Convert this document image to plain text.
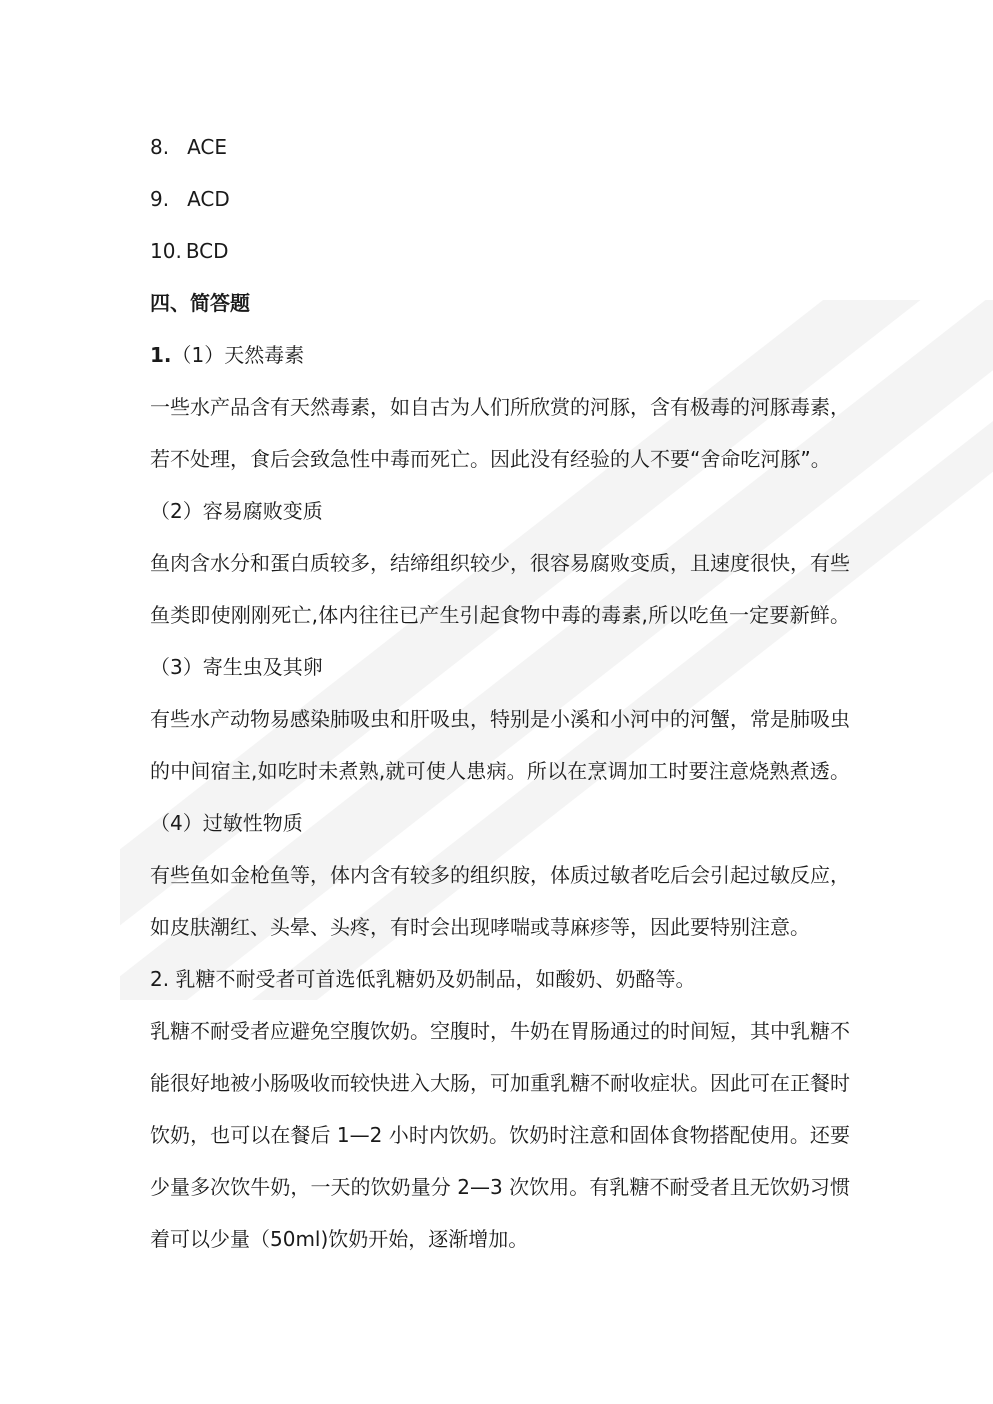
8. ACE
9. ACD
10. BCD
四、简答题
1.（1）天然毒素
一些水产品含有天然毒素，如自古为人们所欣赏的河豚，含有极毒的河豚毒素，
若不处理，食后会致急性中毒而死亡。因此没有经验的人不要“舍命吃河豚”。
（2）容易腐败变质
鱼肉含水分和蛋白质较多，结缔组织较少，很容易腐败变质，且速度很快，有些
鱼类即使刚刚死亡,体内往往已产生引起食物中毒的毒素,所以吃鱼一定要新鲜。
（3）寄生虫及其卵
有些水产动物易感染肺吸虫和肝吸虫，特别是小溪和小河中的河蟹，常是肺吸虫
的中间宿主,如吃时未煮熟,就可使人患病。所以在烹调加工时要注意烧熟煮透。
（4）过敏性物质
有些鱼如金枪鱼等，体内含有较多的组织胺，体质过敏者吃后会引起过敏反应，
如皮肤潮红、头晕、头疼，有时会出现哮喘或荨麻疹等，因此要特别注意。
2. 乳糖不耐受者可首选低乳糖奶及奶制品，如酸奶、奶酪等。
乳糖不耐受者应避免空腹饮奶。空腹时，牛奶在胃肠通过的时间短，其中乳糖不
能很好地被小肠吸收而较快进入大肠，可加重乳糖不耐收症状。因此可在正餐时
饮奶，也可以在餐后 1—2 小时内饮奶。饮奶时注意和固体食物搭配使用。还要
少量多次饮牛奶，一天的饮奶量分 2—3 次饮用。有乳糖不耐受者且无饮奶习惯
着可以少量（50ml)饮奶开始，逐渐增加。
